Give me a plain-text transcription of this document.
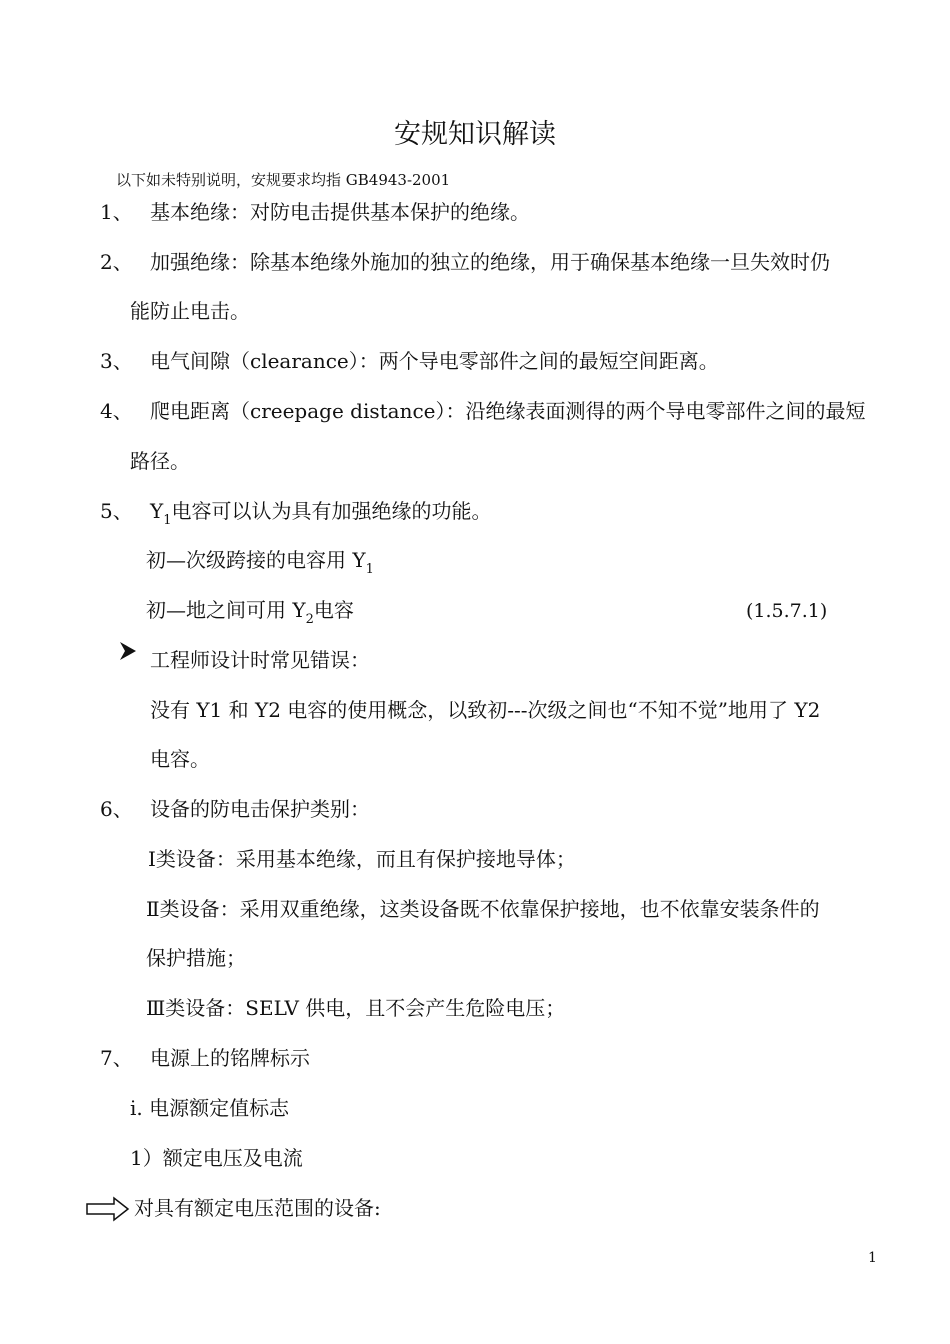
安规知识解读
以下如未特别说明，安规要求均指 GB4943-2001
1、 基本绝缘：对防电击提供基本保护的绝缘。
2、 加强绝缘：除基本绝缘外施加的独立的绝缘，用于确保基本绝缘一旦失效时仍
能防止电击。
3、 电气间隙（clearance）：两个导电零部件之间的最短空间距离。
4、 爬电距离（creepage distance）：沿绝缘表面测得的两个导电零部件之间的最短
路径。
5、 $Y_1$电容可以认为具有加强绝缘的功能。
初—次级跨接的电容用 $Y_1$
初—地之间可用 $Y_2$电容	(1.5.7.1)
工程师设计时常见错误：
没有 Y1 和 Y2 电容的使用概念，以致初---次级之间也“不知不觉”地用了 Y2
电容。
6、 设备的防电击保护类别：
Ⅰ类设备：采用基本绝缘，而且有保护接地导体；
Ⅱ类设备：采用双重绝缘，这类设备既不依靠保护接地，也不依靠安装条件的
保护措施；
Ⅲ类设备：SELV 供电，且不会产生危险电压；
7、 电源上的铭牌标示
i. 电源额定值标志
1）额定电压及电流
对具有额定电压范围的设备:
1
